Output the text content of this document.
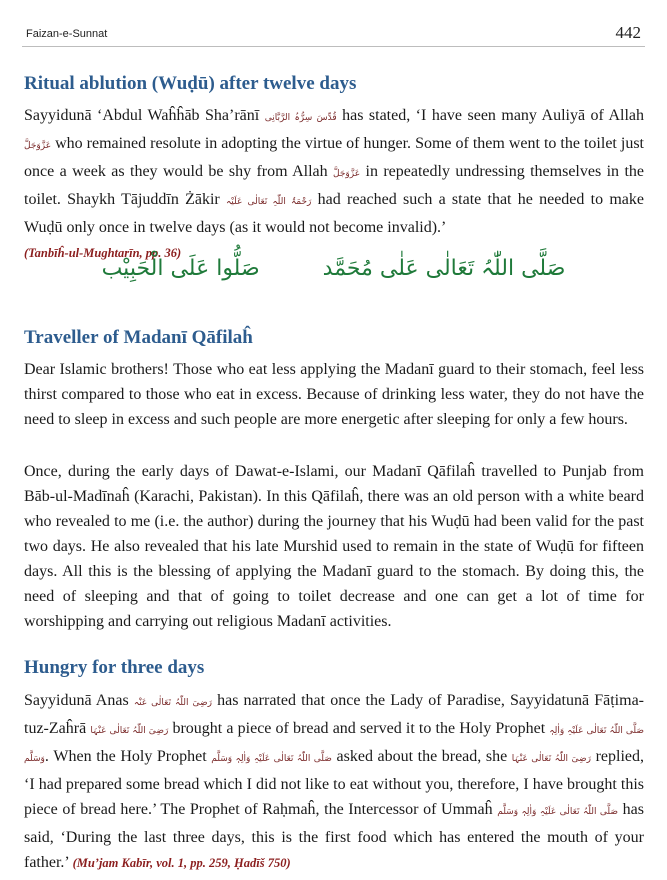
Faizan-e-Sunnat	442
Ritual ablution (Wuḍū) after twelve days

Sayyidunā ‘Abdul Waĥĥāb Sha’rānī قُدِّسَ سِرُّہُ الرَّبَّانِی has stated, ‘I have seen many Auliyā of Allah عَزَّوَجَلَّ who remained resolute in adopting the virtue of hunger. Some of them went to the toilet just once a week as they would be shy from Allah عَزَّوَجَلَّ in repeatedly undressing themselves in the toilet. Shaykh Tājuddīn Żākir رَحْمَۃُ اللّٰہِ تَعَالٰی عَلَیْہ had reached such a state that he needed to make Wuḍū only once in twelve days (as it would not become invalid).’
(Tanbīĥ-ul-Mughtarīn, pp. 36)

صَلُّوا عَلَی الْحَبِیْب	صَلَّی اللّٰہُ تَعَالٰی عَلٰی مُحَمَّد
Traveller of Madanī Qāfilaĥ

Dear Islamic brothers! Those who eat less applying the Madanī guard to their stomach, feel less thirst compared to those who eat in excess. Because of drinking less water, they do not have the need to sleep in excess and such people are more energetic after sleeping for only a few hours.

Once, during the early days of Dawat-e-Islami, our Madanī Qāfilaĥ travelled to Punjab from Bāb-ul-Madīnaĥ (Karachi, Pakistan). In this Qāfilaĥ, there was an old person with a white beard who revealed to me (i.e. the author) during the journey that his Wuḍū had been valid for the past two days. He also revealed that his late Murshid used to remain in the state of Wuḍū for fifteen days. All this is the blessing of applying the Madanī guard to the stomach. By doing this, the need of sleeping and that of going to toilet decrease and one can get a lot of time for worshipping and carrying out religious Madanī activities.

Hungry for three days

Sayyidunā Anas رَضِیَ اللّٰہُ تَعَالٰی عَنْہ has narrated that once the Lady of Paradise, Sayyidatunā Fāṭima-tuz-Zaĥrā رَضِیَ اللّٰہُ تَعَالٰی عَنْہَا brought a piece of bread and served it to the Holy Prophet صَلَّی اللّٰہُ تَعَالٰی عَلَیْہِ وَاٰلِہٖ وَسَلَّم. When the Holy Prophet صَلَّی اللّٰہُ تَعَالٰی عَلَیْہِ وَاٰلِہٖ وَسَلَّم asked about the bread, she رَضِیَ اللّٰہُ تَعَالٰی عَنْہَا replied, ‘I had prepared some bread which I did not like to eat without you, therefore, I have brought this piece of bread here.’ The Prophet of Raḥmaĥ, the Intercessor of Ummaĥ صَلَّی اللّٰہُ تَعَالٰی عَلَیْہِ وَاٰلِہٖ وَسَلَّم has said, ‘During the last three days, this is the first food which has entered the mouth of your father.’ (Mu’jam Kabīr, vol. 1, pp. 259, Ḥadīš 750)
